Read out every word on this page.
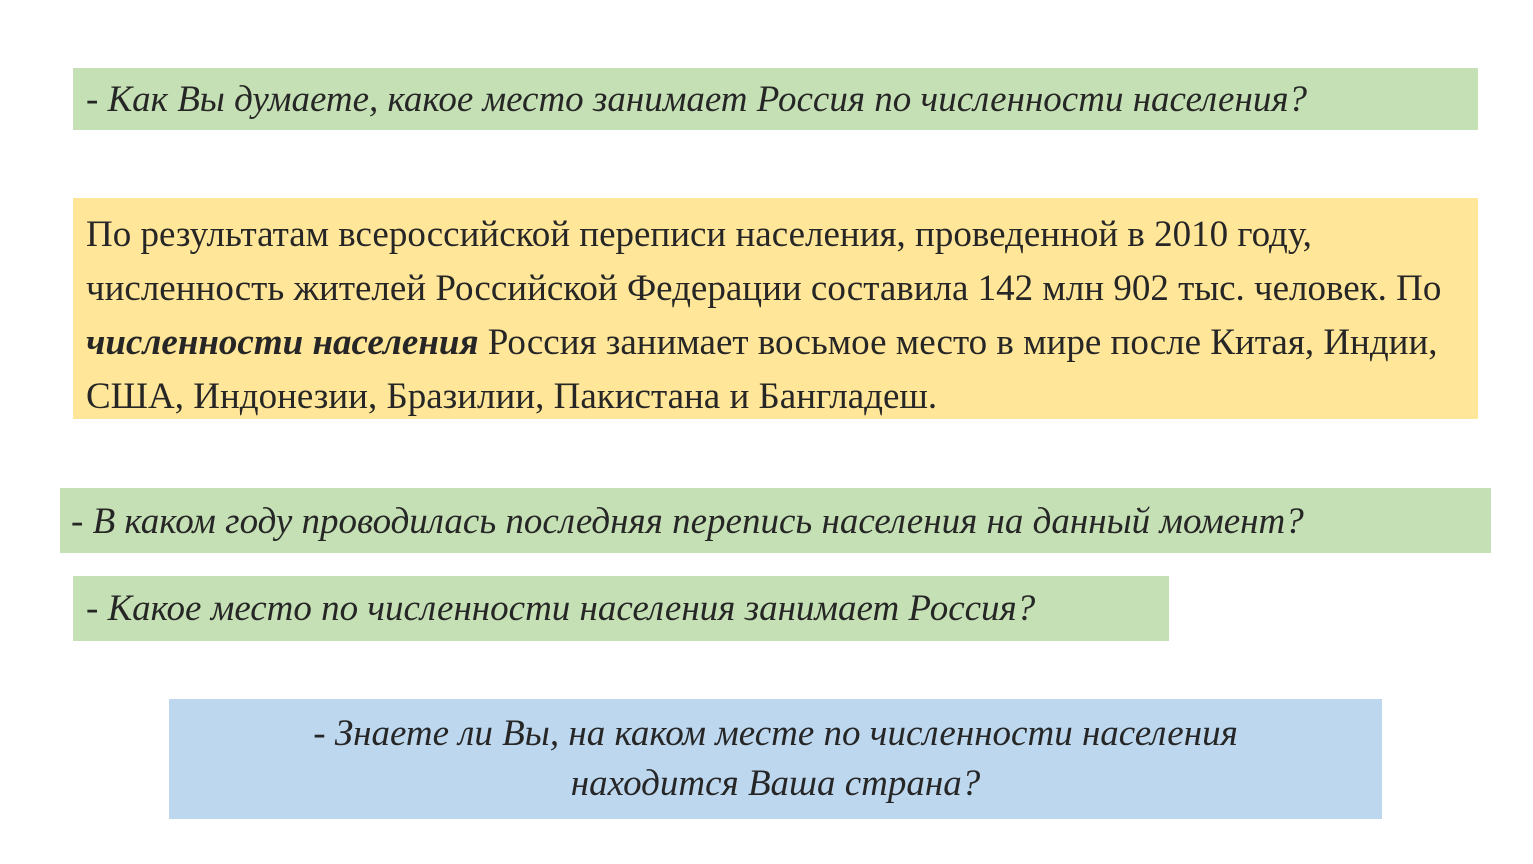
- Как Вы думаете, какое место занимает Россия по численности населения?
По результатам всероссийской переписи населения, проведенной в 2010 году, численность жителей Российской Федерации составила 142 млн 902 тыс. человек. По численности населения Россия занимает восьмое место в мире после Китая, Индии, США, Индонезии, Бразилии, Пакистана и Бангладеш.
- В каком году проводилась последняя перепись населения на данный момент?
- Какое место по численности населения занимает Россия?
- Знаете ли Вы, на каком месте по численности населения
находится Ваша страна?
